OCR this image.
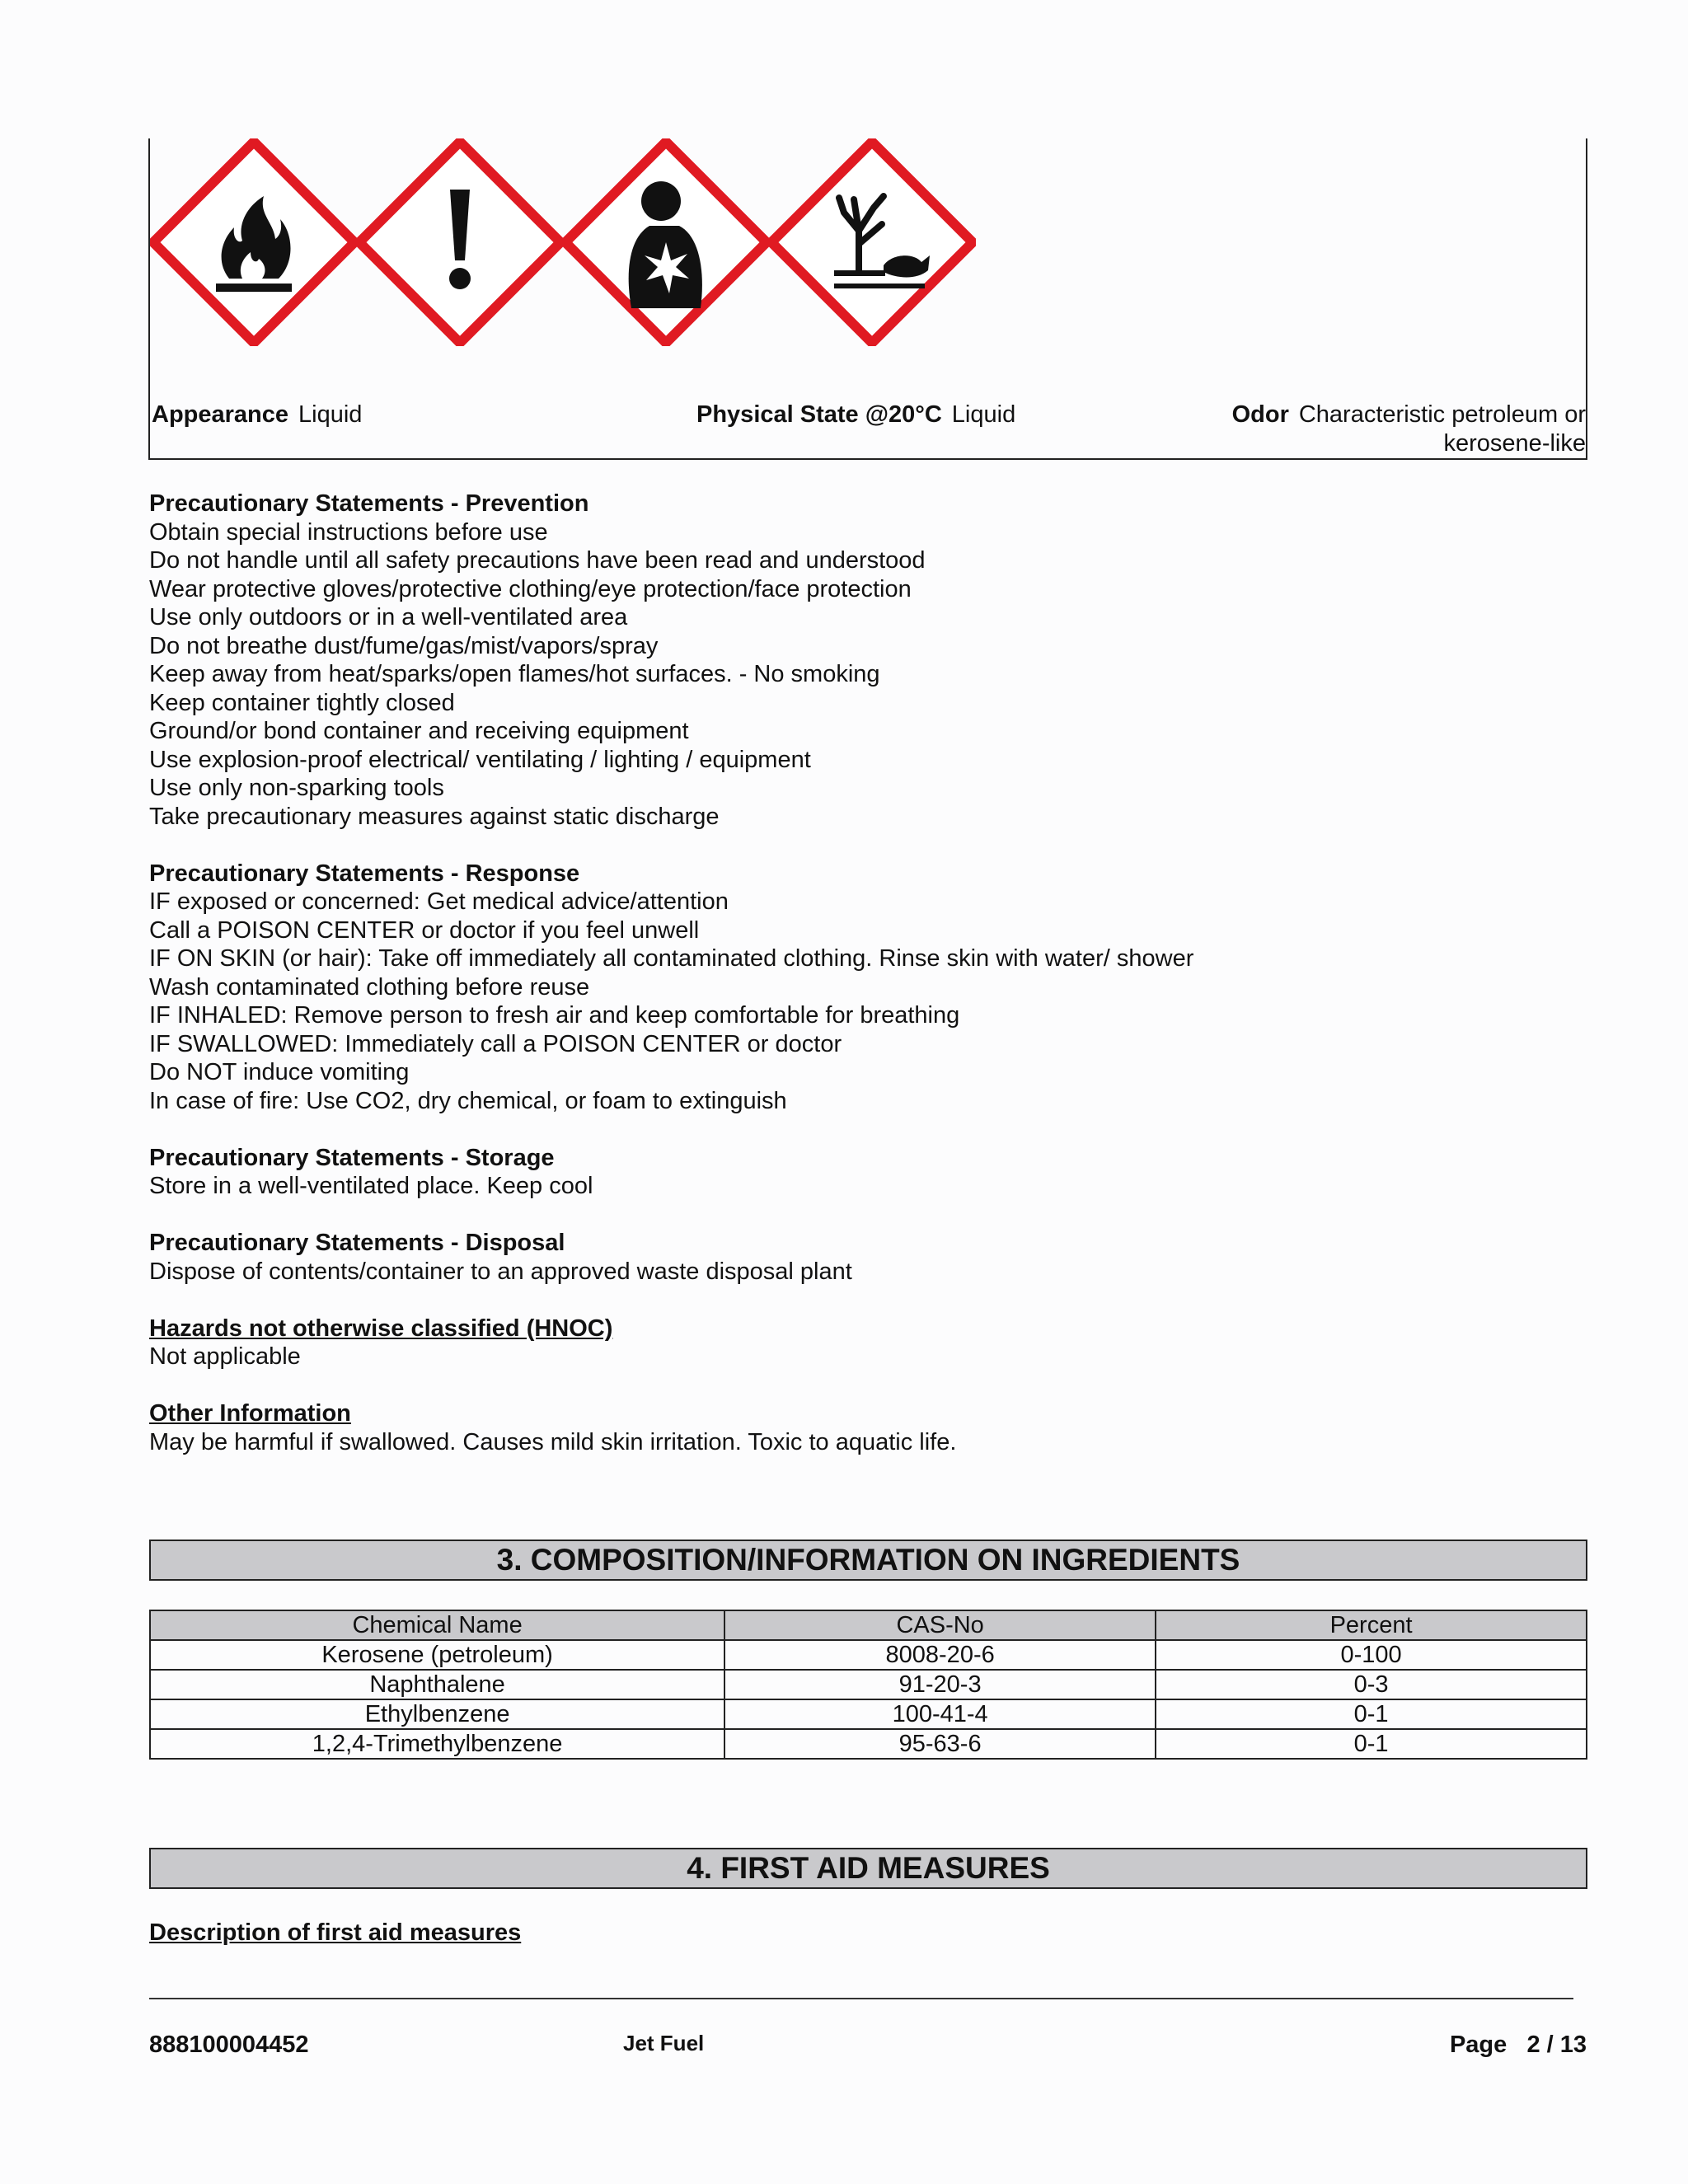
Appearance Liquid	Physical State @20°C Liquid	Odor Characteristic petroleum or kerosene-like
Precautionary Statements - Prevention
Obtain special instructions before use
Do not handle until all safety precautions have been read and understood
Wear protective gloves/protective clothing/eye protection/face protection
Use only outdoors or in a well-ventilated area
Do not breathe dust/fume/gas/mist/vapors/spray
Keep away from heat/sparks/open flames/hot surfaces. - No smoking
Keep container tightly closed
Ground/or bond container and receiving equipment
Use explosion-proof electrical/ ventilating / lighting / equipment
Use only non-sparking tools
Take precautionary measures against static discharge
Precautionary Statements - Response
IF exposed or concerned: Get medical advice/attention
Call a POISON CENTER or doctor if you feel unwell
IF ON SKIN (or hair): Take off immediately all contaminated clothing. Rinse skin with water/ shower
Wash contaminated clothing before reuse
IF INHALED: Remove person to fresh air and keep comfortable for breathing
IF SWALLOWED: Immediately call a POISON CENTER or doctor
Do NOT induce vomiting
In case of fire: Use CO2, dry chemical, or foam to extinguish
Precautionary Statements - Storage
Store in a well-ventilated place. Keep cool
Precautionary Statements - Disposal
Dispose of contents/container to an approved waste disposal plant
Hazards not otherwise classified (HNOC)
Not applicable
Other Information
May be harmful if swallowed. Causes mild skin irritation. Toxic to aquatic life.
3. COMPOSITION/INFORMATION ON INGREDIENTS
Chemical Name	CAS-No	Percent
Kerosene (petroleum)	8008-20-6	0-100
Naphthalene	91-20-3	0-3
Ethylbenzene	100-41-4	0-1
1,2,4-Trimethylbenzene	95-63-6	0-1
4. FIRST AID MEASURES
Description of first aid measures
888100004452	Jet Fuel	Page 2 / 13
